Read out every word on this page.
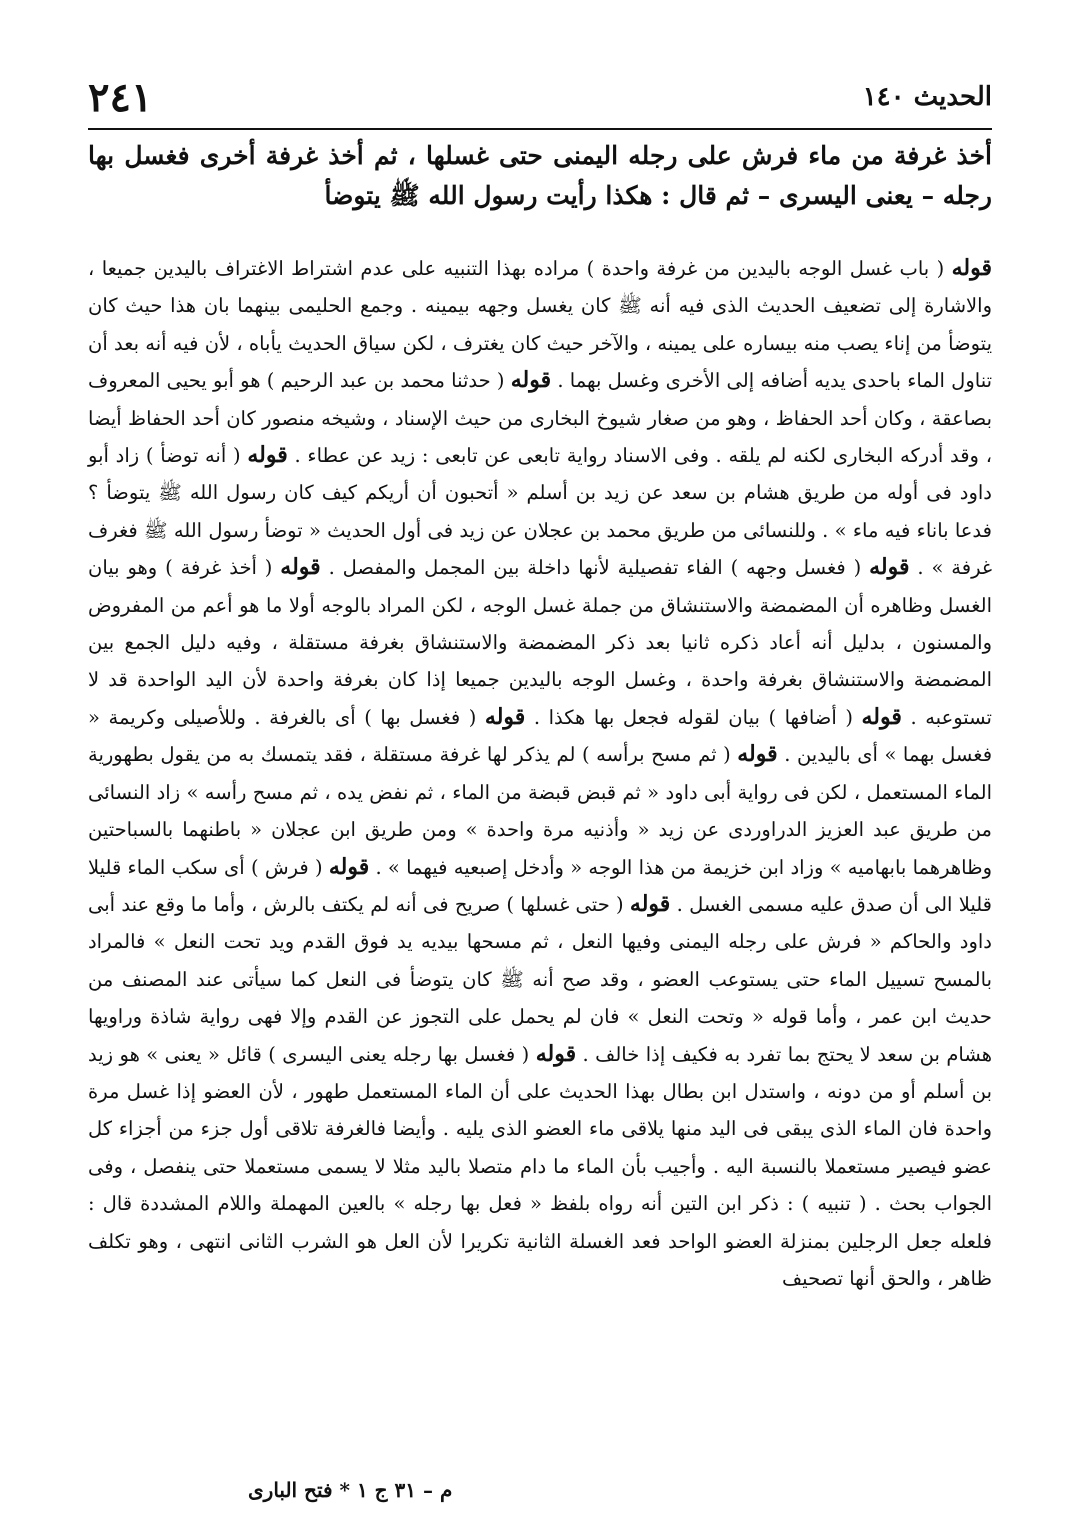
الحديث ١٤٠
٢٤١

أخذ غرفة من ماء فرش على رجله اليمنى حتى غسلها ، ثم أخذ غرفة أخرى فغسل بها رجله – يعنى اليسرى – ثم قال : هكذا رأيت رسول الله ﷺ يتوضأ

قوله ( باب غسل الوجه باليدين من غرفة واحدة ) مراده بهذا التنبيه على عدم اشتراط الاغتراف باليدين جميعا ، والاشارة إلى تضعيف الحديث الذى فيه أنه ﷺ كان يغسل وجهه بيمينه . وجمع الحليمى بينهما بان هذا حيث كان يتوضأ من إناء يصب منه بيساره على يمينه ، والآخر حيث كان يغترف ، لكن سياق الحديث يأباه ، لأن فيه أنه بعد أن تناول الماء باحدى يديه أضافه إلى الأخرى وغسل بهما . قوله ( حدثنا محمد بن عبد الرحيم ) هو أبو يحيى المعروف بصاعقة ، وكان أحد الحفاظ ، وهو من صغار شيوخ البخارى من حيث الإسناد ، وشيخه منصور كان أحد الحفاظ أيضا ، وقد أدركه البخارى لكنه لم يلقه . وفى الاسناد رواية تابعى عن تابعى : زيد عن عطاء . قوله ( أنه توضأ ) زاد أبو داود فى أوله من طريق هشام بن سعد عن زيد بن أسلم « أتحبون أن أريكم كيف كان رسول الله ﷺ يتوضأ ؟ فدعا باناء فيه ماء » . وللنسائى من طريق محمد بن عجلان عن زيد فى أول الحديث « توضأ رسول الله ﷺ فغرف غرفة » . قوله ( فغسل وجهه ) الفاء تفصيلية لأنها داخلة بين المجمل والمفصل . قوله ( أخذ غرفة ) وهو بيان الغسل وظاهره أن المضمضة والاستنشاق من جملة غسل الوجه ، لكن المراد بالوجه أولا ما هو أعم من المفروض والمسنون ، بدليل أنه أعاد ذكره ثانيا بعد ذكر المضمضة والاستنشاق بغرفة مستقلة ، وفيه دليل الجمع بين المضمضة والاستنشاق بغرفة واحدة ، وغسل الوجه باليدين جميعا إذا كان بغرفة واحدة لأن اليد الواحدة قد لا تستوعبه . قوله ( أضافها ) بيان لقوله فجعل بها هكذا . قوله ( فغسل بها ) أى بالغرفة . وللأصيلى وكريمة « فغسل بهما » أى باليدين . قوله ( ثم مسح برأسه ) لم يذكر لها غرفة مستقلة ، فقد يتمسك به من يقول بطهورية الماء المستعمل ، لكن فى رواية أبى داود « ثم قبض قبضة من الماء ، ثم نفض يده ، ثم مسح رأسه » زاد النسائى من طريق عبد العزيز الدراوردى عن زيد « وأذنيه مرة واحدة » ومن طريق ابن عجلان « باطنهما بالسباحتين وظاهرهما بابهاميه » وزاد ابن خزيمة من هذا الوجه « وأدخل إصبعيه فيهما » . قوله ( فرش ) أى سكب الماء قليلا قليلا الى أن صدق عليه مسمى الغسل . قوله ( حتى غسلها ) صريح فى أنه لم يكتف بالرش ، وأما ما وقع عند أبى داود والحاكم « فرش على رجله اليمنى وفيها النعل ، ثم مسحها بيديه يد فوق القدم ويد تحت النعل » فالمراد بالمسح تسييل الماء حتى يستوعب العضو ، وقد صح أنه ﷺ كان يتوضأ فى النعل كما سيأتى عند المصنف من حديث ابن عمر ، وأما قوله « وتحت النعل » فان لم يحمل على التجوز عن القدم وإلا فهى رواية شاذة وراويها هشام بن سعد لا يحتج بما تفرد به فكيف إذا خالف . قوله ( فغسل بها رجله يعنى اليسرى ) قائل « يعنى » هو زيد بن أسلم أو من دونه ، واستدل ابن بطال بهذا الحديث على أن الماء المستعمل طهور ، لأن العضو إذا غسل مرة واحدة فان الماء الذى يبقى فى اليد منها يلاقى ماء العضو الذى يليه . وأيضا فالغرفة تلاقى أول جزء من أجزاء كل عضو فيصير مستعملا بالنسبة اليه . وأجيب بأن الماء ما دام متصلا باليد مثلا لا يسمى مستعملا حتى ينفصل ، وفى الجواب بحث . ( تنبيه ) : ذكر ابن التين أنه رواه بلفظ « فعل بها رجله » بالعين المهملة واللام المشددة قال : فلعله جعل الرجلين بمنزلة العضو الواحد فعد الغسلة الثانية تكريرا لأن العل هو الشرب الثانى انتهى ، وهو تكلف ظاهر ، والحق أنها تصحيف

م – ٣١ ج ١ * فتح البارى
